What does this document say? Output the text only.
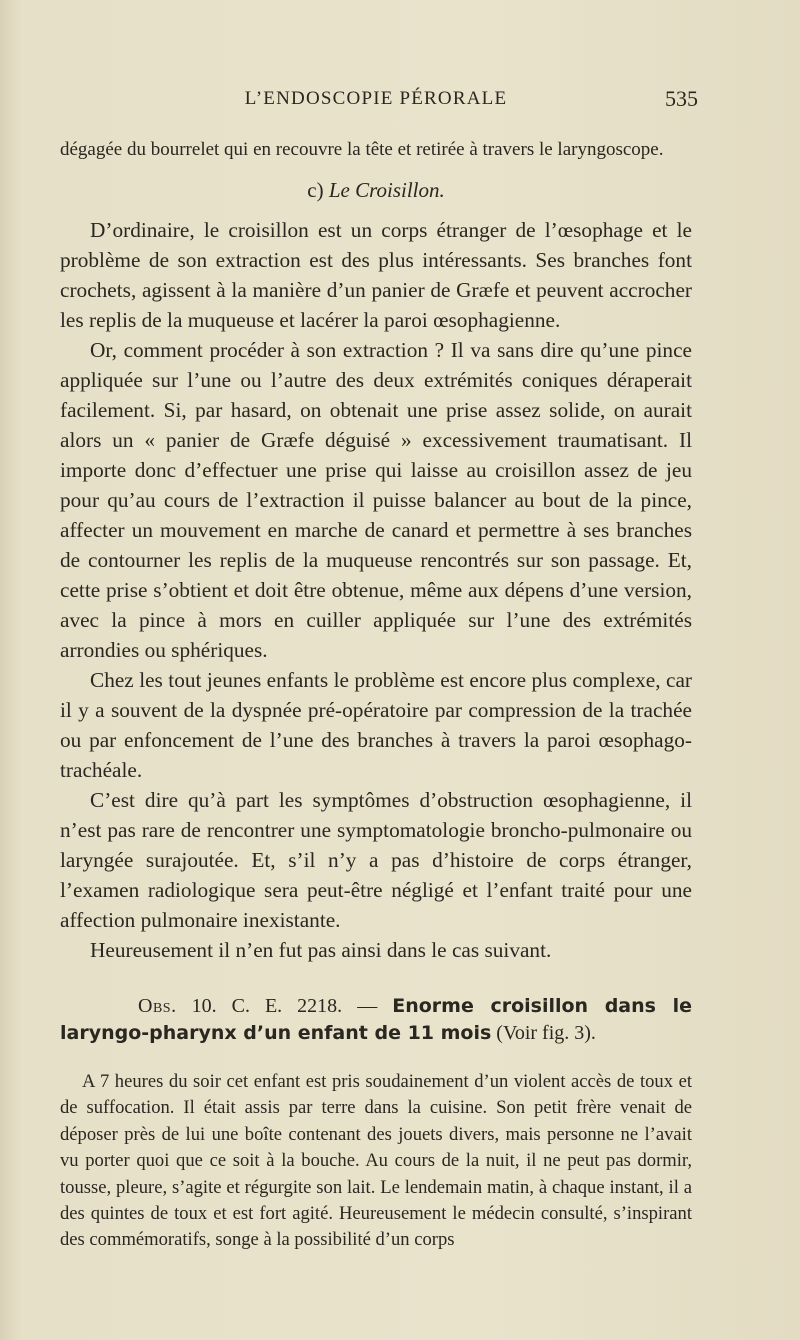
L’ENDOSCOPIE PÉRORALE	535

dégagée du bourrelet qui en recouvre la tête et retirée à travers le laryngoscope.

c) Le Croisillon.

D’ordinaire, le croisillon est un corps étranger de l’œsophage et le problème de son extraction est des plus intéressants. Ses branches font crochets, agissent à la manière d’un panier de Græfe et peuvent accrocher les replis de la muqueuse et lacérer la paroi œsophagienne.

Or, comment procéder à son extraction ? Il va sans dire qu’une pince appliquée sur l’une ou l’autre des deux extrémités coniques déraperait facilement. Si, par hasard, on obtenait une prise assez solide, on aurait alors un « panier de Græfe déguisé » excessivement traumatisant. Il importe donc d’effectuer une prise qui laisse au croisillon assez de jeu pour qu’au cours de l’extraction il puisse balancer au bout de la pince, affecter un mouvement en marche de canard et permettre à ses branches de contourner les replis de la muqueuse rencontrés sur son passage. Et, cette prise s’obtient et doit être obtenue, même aux dépens d’une version, avec la pince à mors en cuiller appliquée sur l’une des extrémités arrondies ou sphériques.

Chez les tout jeunes enfants le problème est encore plus complexe, car il y a souvent de la dyspnée pré-opératoire par compression de la trachée ou par enfoncement de l’une des branches à travers la paroi œsophago-trachéale.

C’est dire qu’à part les symptômes d’obstruction œsophagienne, il n’est pas rare de rencontrer une symptomatologie broncho-pulmonaire ou laryngée surajoutée. Et, s’il n’y a pas d’histoire de corps étranger, l’examen radiologique sera peut-être négligé et l’enfant traité pour une affection pulmonaire inexistante.

Heureusement il n’en fut pas ainsi dans le cas suivant.

Obs. 10. C. E. 2218. — Enorme croisillon dans le laryngo-pharynx d’un enfant de 11 mois (Voir fig. 3).

A 7 heures du soir cet enfant est pris soudainement d’un violent accès de toux et de suffocation. Il était assis par terre dans la cuisine. Son petit frère venait de déposer près de lui une boîte contenant des jouets divers, mais personne ne l’avait vu porter quoi que ce soit à la bouche. Au cours de la nuit, il ne peut pas dormir, tousse, pleure, s’agite et régurgite son lait. Le lendemain matin, à chaque instant, il a des quintes de toux et est fort agité. Heureusement le médecin consulté, s’inspirant des commémoratifs, songe à la possibilité d’un corps
